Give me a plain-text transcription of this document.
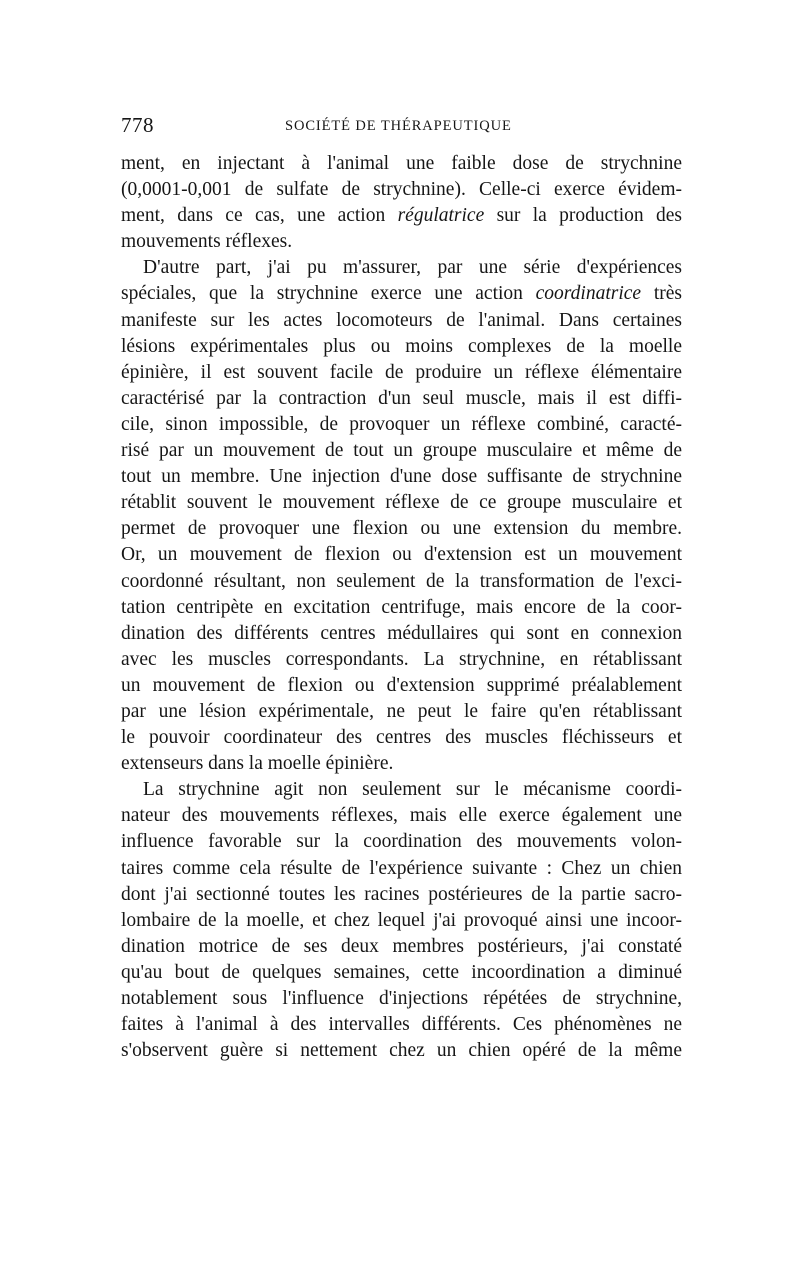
778	SOCIÉTÉ DE THÉRAPEUTIQUE
ment, en injectant à l'animal une faible dose de strychnine
(0,0001-0,001 de sulfate de strychnine). Celle-ci exerce évidem-
ment, dans ce cas, une action régulatrice sur la production des
mouvements réflexes.
D'autre part, j'ai pu m'assurer, par une série d'expériences
spéciales, que la strychnine exerce une action coordinatrice très
manifeste sur les actes locomoteurs de l'animal. Dans certaines
lésions expérimentales plus ou moins complexes de la moelle
épinière, il est souvent facile de produire un réflexe élémentaire
caractérisé par la contraction d'un seul muscle, mais il est diffi-
cile, sinon impossible, de provoquer un réflexe combiné, caracté-
risé par un mouvement de tout un groupe musculaire et même de
tout un membre. Une injection d'une dose suffisante de strychnine
rétablit souvent le mouvement réflexe de ce groupe musculaire et
permet de provoquer une flexion ou une extension du membre.
Or, un mouvement de flexion ou d'extension est un mouvement
coordonné résultant, non seulement de la transformation de l'exci-
tation centripète en excitation centrifuge, mais encore de la coor-
dination des différents centres médullaires qui sont en connexion
avec les muscles correspondants. La strychnine, en rétablissant
un mouvement de flexion ou d'extension supprimé préalablement
par une lésion expérimentale, ne peut le faire qu'en rétablissant
le pouvoir coordinateur des centres des muscles fléchisseurs et
extenseurs dans la moelle épinière.
La strychnine agit non seulement sur le mécanisme coordi-
nateur des mouvements réflexes, mais elle exerce également une
influence favorable sur la coordination des mouvements volon-
taires comme cela résulte de l'expérience suivante : Chez un chien
dont j'ai sectionné toutes les racines postérieures de la partie sacro-
lombaire de la moelle, et chez lequel j'ai provoqué ainsi une incoor-
dination motrice de ses deux membres postérieurs, j'ai constaté
qu'au bout de quelques semaines, cette incoordination a diminué
notablement sous l'influence d'injections répétées de strychnine,
faites à l'animal à des intervalles différents. Ces phénomènes ne
s'observent guère si nettement chez un chien opéré de la même
